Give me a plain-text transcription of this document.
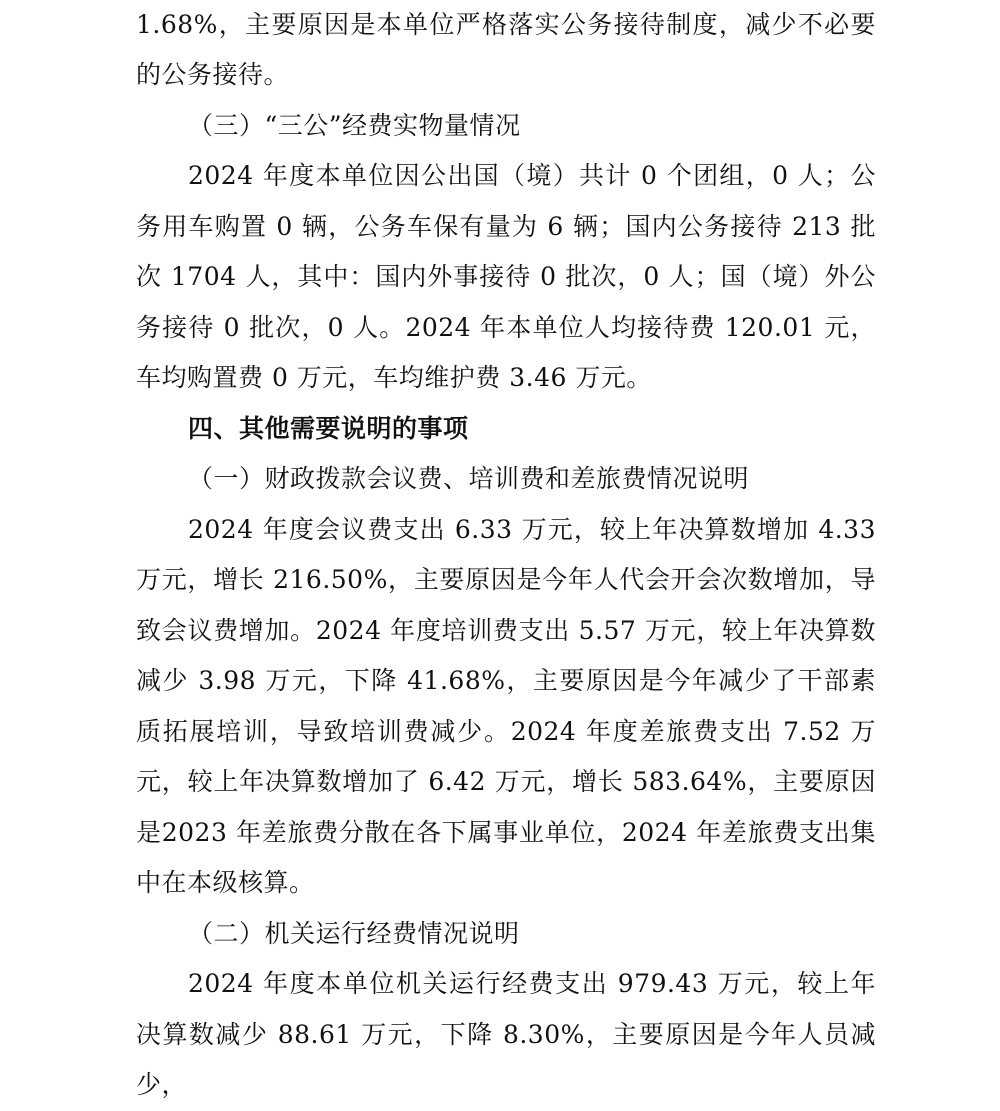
1.68%，主要原因是本单位严格落实公务接待制度，减少不必要的公务接待。

（三）“三公”经费实物量情况

2024 年度本单位因公出国（境）共计 0 个团组，0 人；公务用车购置 0 辆，公务车保有量为 6 辆；国内公务接待 213 批次 1704 人，其中：国内外事接待 0 批次，0 人；国（境）外公务接待 0 批次，0 人。2024 年本单位人均接待费 120.01 元，车均购置费 0 万元，车均维护费 3.46 万元。

四、其他需要说明的事项

（一）财政拨款会议费、培训费和差旅费情况说明

2024 年度会议费支出 6.33 万元，较上年决算数增加 4.33 万元，增长 216.50%，主要原因是今年人代会开会次数增加，导致会议费增加。2024 年度培训费支出 5.57 万元，较上年决算数减少 3.98 万元，下降 41.68%，主要原因是今年减少了干部素质拓展培训，导致培训费减少。2024 年度差旅费支出 7.52 万元，较上年决算数增加了 6.42 万元，增长 583.64%，主要原因是2023 年差旅费分散在各下属事业单位，2024 年差旅费支出集中在本级核算。

（二）机关运行经费情况说明

2024 年度本单位机关运行经费支出 979.43 万元，较上年决算数减少 88.61 万元，下降 8.30%，主要原因是今年人员减少，
